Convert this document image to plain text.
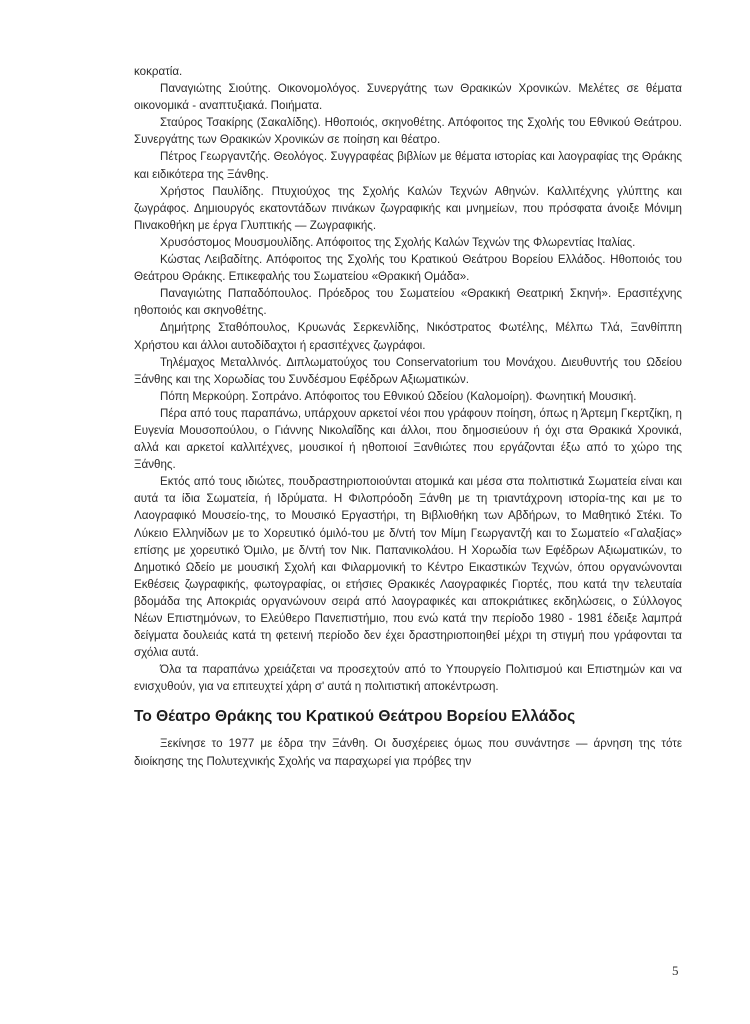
κοκρατία.

Παναγιώτης Σιούτης. Οικονομολόγος. Συνεργάτης των Θρακικών Χρονικών. Μελέτες σε θέματα οικονομικά - αναπτυξιακά. Ποιήματα.

Σταύρος Τσακίρης (Σακαλίδης). Ηθοποιός, σκηνοθέτης. Απόφοιτος της Σχολής του Εθνικού Θεάτρου. Συνεργάτης των Θρακικών Χρονικών σε ποίηση και θέατρο.

Πέτρος Γεωργαντζής. Θεολόγος. Συγγραφέας βιβλίων με θέματα ιστορίας και λαογραφίας της Θράκης και ειδικότερα της Ξάνθης.

Χρήστος Παυλίδης. Πτυχιούχος της Σχολής Καλών Τεχνών Αθηνών. Καλλιτέχνης γλύπτης και ζωγράφος. Δημιουργός εκατοντάδων πινάκων ζωγραφικής και μνημείων, που πρόσφατα άνοιξε Μόνιμη Πινακοθήκη με έργα Γλυπτικής — Ζωγραφικής.

Χρυσόστομος Μουσμουλίδης. Απόφοιτος της Σχολής Καλών Τεχνών της Φλωρεντίας Ιταλίας.

Κώστας Λειβαδίτης. Απόφοιτος της Σχολής του Κρατικού Θεάτρου Βορείου Ελλάδος. Ηθοποιός του Θεάτρου Θράκης. Επικεφαλής του Σωματείου «Θρακική Ομάδα».

Παναγιώτης Παπαδόπουλος. Πρόεδρος του Σωματείου «Θρακική Θεατρική Σκηνή». Ερασιτέχνης ηθοποιός και σκηνοθέτης.

Δημήτρης Σταθόπουλος, Κρυωνάς Σερκενλίδης, Νικόστρατος Φωτέλης, Μέλπω Τλά, Ξανθίππη Χρήστου και άλλοι αυτοδίδαχτοι ή ερασιτέχνες ζωγράφοι.

Τηλέμαχος Μεταλλινός. Διπλωματούχος του Conservatorium του Μονάχου. Διευθυντής του Ωδείου Ξάνθης και της Χορωδίας του Συνδέσμου Εφέδρων Αξιωματικών.

Πόπη Μερκούρη. Σοπράνο. Απόφοιτος του Εθνικού Ωδείου (Καλομοίρη). Φωνητική Μουσική.

Πέρα από τους παραπάνω, υπάρχουν αρκετοί νέοι που γράφουν ποίηση, όπως η Άρτεμη Γκερτζίκη, η Ευγενία Μουσοπούλου, ο Γιάννης Νικολαΐδης και άλλοι, που δημοσιεύουν ή όχι στα Θρακικά Χρονικά, αλλά και αρκετοί καλλιτέχνες, μουσικοί ή ηθοποιοί Ξανθιώτες που εργάζονται έξω από το χώρο της Ξάνθης.

Εκτός από τους ιδιώτες, πουδραστηριοποιούνται ατομικά και μέσα στα πολιτιστικά Σωματεία είναι και αυτά τα ίδια Σωματεία, ή Ιδρύματα. Η Φιλοπρόοδη Ξάνθη με τη τριαντάχρονη ιστορία-της και με το Λαογραφικό Μουσείο-της, το Μουσικό Εργαστήρι, τη Βιβλιοθήκη των Αβδήρων, το Μαθητικό Στέκι. Το Λύκειο Ελληνίδων με το Χορευτικό όμιλό-του με δ/ντή τον Μίμη Γεωργαντζή και το Σωματείο «Γαλαξίας» επίσης με χορευτικό Όμιλο, με δ/ντή τον Νικ. Παπανικολάου. Η Χορωδία των Εφέδρων Αξιωματικών, το Δημοτικό Ωδείο με μουσική Σχολή και Φιλαρμονική το Κέντρο Εικαστικών Τεχνών, όπου οργανώνονται Εκθέσεις ζωγραφικής, φωτογραφίας, οι ετήσιες Θρακικές Λαογραφικές Γιορτές, που κατά την τελευταία βδομάδα της Αποκριάς οργανώνουν σειρά από λαογραφικές και αποκριάτικες εκδηλώσεις, ο Σύλλογος Νέων Επιστημόνων, το Ελεύθερο Πανεπιστήμιο, που ενώ κατά την περίοδο 1980 - 1981 έδειξε λαμπρά δείγματα δουλειάς κατά τη φετεινή περίοδο δεν έχει δραστηριοποιηθεί μέχρι τη στιγμή που γράφονται τα σχόλια αυτά.

Όλα τα παραπάνω χρειάζεται να προσεχτούν από το Υπουργείο Πολιτισμού και Επιστημών και να ενισχυθούν, για να επιτευχτεί χάρη σ' αυτά η πολιτιστική αποκέντρωση.

Το Θέατρο Θράκης του Κρατικού Θεάτρου Βορείου Ελλάδος

Ξεκίνησε το 1977 με έδρα την Ξάνθη. Οι δυσχέρειες όμως που συνάντησε — άρνηση της τότε διοίκησης της Πολυτεχνικής Σχολής να παραχωρεί για πρόβες την

5
